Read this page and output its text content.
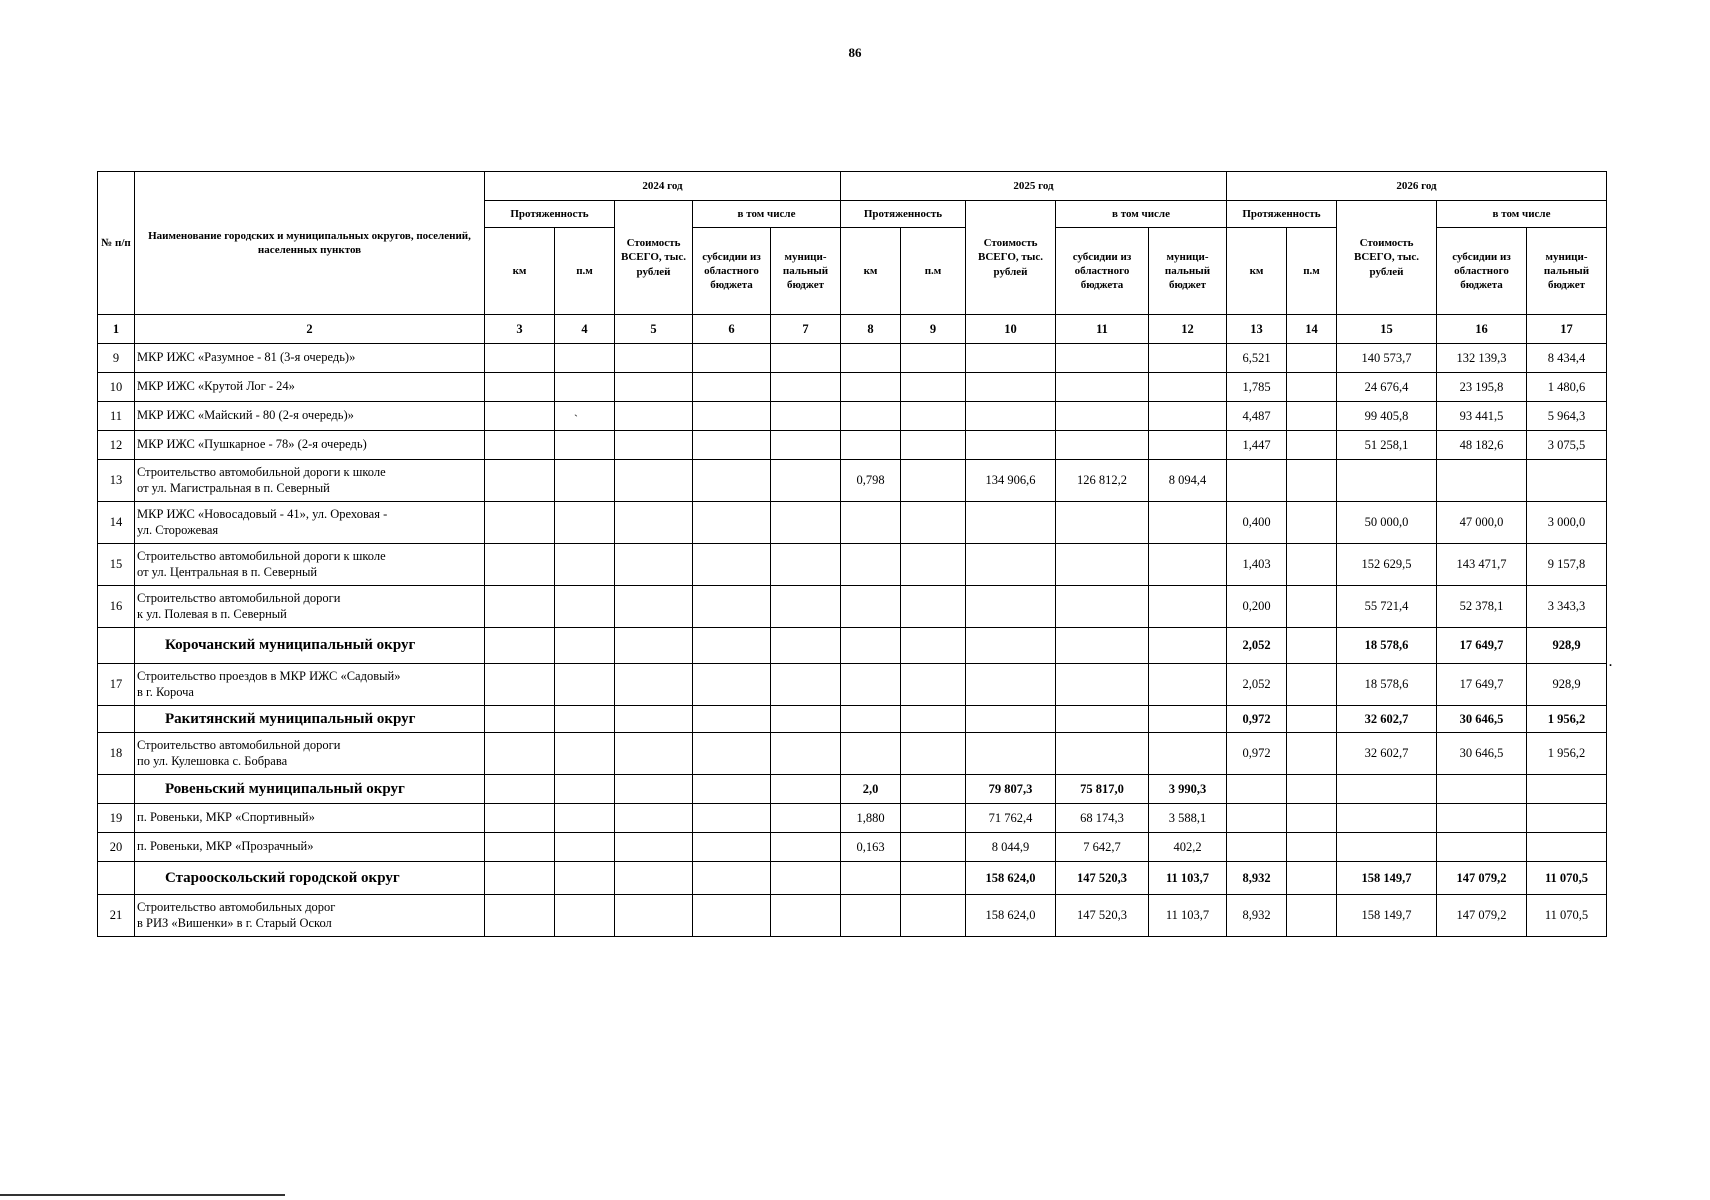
86
№ п/п	Наименование городских и муниципальных округов, поселений, населенных пунктов	2024 год					2025 год					2026 год				
		Протяженность		Стоимость ВСЕГО, тыс. рублей	в том числе		Протяженность		Стоимость ВСЕГО, тыс. рублей	в том числе		Протяженность		Стоимость ВСЕГО, тыс. рублей	в том числе	
		км	п.м		субсидии из областного бюджета	муници-пальный бюджет	км	п.м		субсидии из областного бюджета	муници-пальный бюджет	км	п.м		субсидии из областного бюджета	муници-пальный бюджет
1	2	3	4	5	6	7	8	9	10	11	12	13	14	15	16	17
9	МКР ИЖС «Разумное - 81 (3-я очередь)»											6,521		140 573,7	132 139,3	8 434,4
10	МКР ИЖС «Крутой Лог - 24»											1,785		24 676,4	23 195,8	1 480,6
11	МКР ИЖС «Майский - 80 (2-я очередь)»											4,487		99 405,8	93 441,5	5 964,3
12	МКР ИЖС «Пушкарное - 78» (2-я очередь)											1,447		51 258,1	48 182,6	3 075,5
13	Строительство автомобильной дороги к школе
от ул. Магистральная в п. Северный						0,798		134 906,6	126 812,2	8 094,4					
14	МКР ИЖС «Новосадовый - 41», ул. Ореховая -
ул. Сторожевая											0,400		50 000,0	47 000,0	3 000,0
15	Строительство автомобильной дороги к школе
от ул. Центральная в п. Северный											1,403		152 629,5	143 471,7	9 157,8
16	Строительство автомобильной дороги
к ул. Полевая в п. Северный											0,200		55 721,4	52 378,1	3 343,3

	Корочанский муниципальный округ											2,052		18 578,6	17 649,7	928,9
17	Строительство проездов в МКР ИЖС «Садовый»
в г. Короча											2,052		18 578,6	17 649,7	928,9

	Ракитянский муниципальный округ											0,972		32 602,7	30 646,5	1 956,2
18	Строительство автомобильной дороги
по ул. Кулешовка с. Бобрава											0,972		32 602,7	30 646,5	1 956,2

	Ровеньский муниципальный округ						2,0		79 807,3	75 817,0	3 990,3					
19	п. Ровеньки, МКР «Спортивный»						1,880		71 762,4	68 174,3	3 588,1					
20	п. Ровеньки, МКР «Прозрачный»						0,163		8 044,9	7 642,7	402,2					

	Старооскольский городской округ								158 624,0	147 520,3	11 103,7	8,932		158 149,7	147 079,2	11 070,5
21	Строительство автомобильных дорог
в РИЗ «Вишенки» в г. Старый Оскол								158 624,0	147 520,3	11 103,7	8,932		158 149,7	147 079,2	11 070,5
`
.
